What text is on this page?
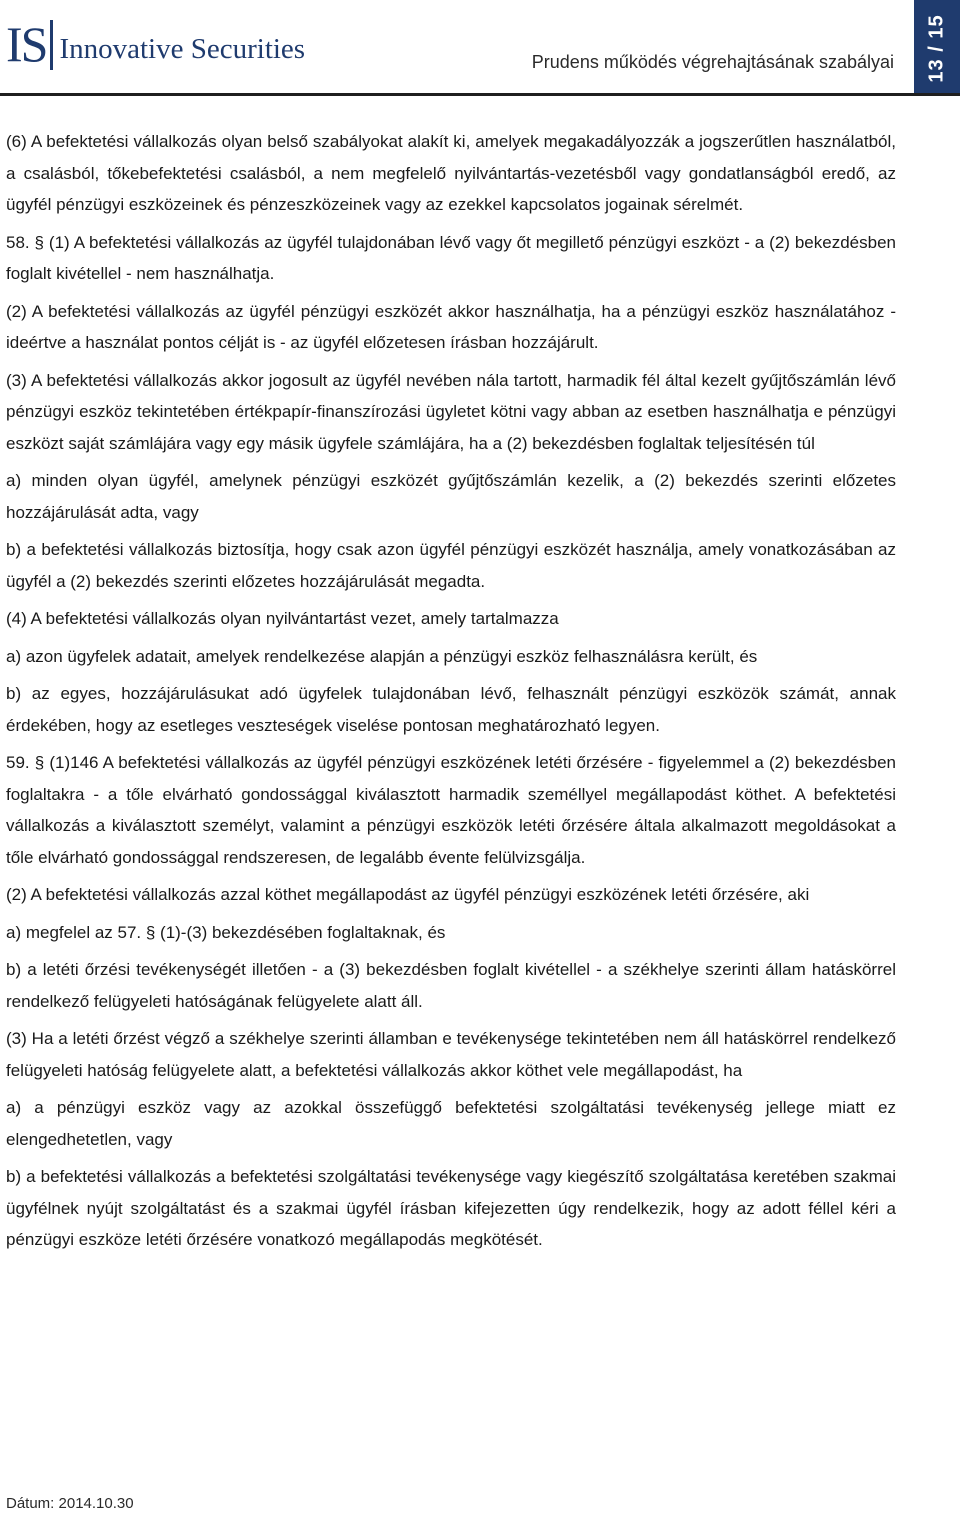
IS Innovative Securities	Prudens működés végrehajtásának szabályai 13 / 15

(6) A befektetési vállalkozás olyan belső szabályokat alakít ki, amelyek megakadályozzák a jogszerűtlen használatból, a csalásból, tőkebefektetési csalásból, a nem megfelelő nyilvántartás-vezetésből vagy gondatlanságból eredő, az ügyfél pénzügyi eszközeinek és pénzeszközeinek vagy az ezekkel kapcsolatos jogainak sérelmét.

58. § (1) A befektetési vállalkozás az ügyfél tulajdonában lévő vagy őt megillető pénzügyi eszközt - a (2) bekezdésben foglalt kivétellel - nem használhatja.

(2) A befektetési vállalkozás az ügyfél pénzügyi eszközét akkor használhatja, ha a pénzügyi eszköz használatához - ideértve a használat pontos célját is - az ügyfél előzetesen írásban hozzájárult.

(3) A befektetési vállalkozás akkor jogosult az ügyfél nevében nála tartott, harmadik fél által kezelt gyűjtőszámlán lévő pénzügyi eszköz tekintetében értékpapír-finanszírozási ügyletet kötni vagy abban az esetben használhatja e pénzügyi eszközt saját számlájára vagy egy másik ügyfele számlájára, ha a (2) bekezdésben foglaltak teljesítésén túl

a) minden olyan ügyfél, amelynek pénzügyi eszközét gyűjtőszámlán kezelik, a (2) bekezdés szerinti előzetes hozzájárulását adta, vagy

b) a befektetési vállalkozás biztosítja, hogy csak azon ügyfél pénzügyi eszközét használja, amely vonatkozásában az ügyfél a (2) bekezdés szerinti előzetes hozzájárulását megadta.

(4) A befektetési vállalkozás olyan nyilvántartást vezet, amely tartalmazza

a) azon ügyfelek adatait, amelyek rendelkezése alapján a pénzügyi eszköz felhasználásra került, és

b) az egyes, hozzájárulásukat adó ügyfelek tulajdonában lévő, felhasznált pénzügyi eszközök számát, annak érdekében, hogy az esetleges veszteségek viselése pontosan meghatározható legyen.

59. § (1)146 A befektetési vállalkozás az ügyfél pénzügyi eszközének letéti őrzésére - figyelemmel a (2) bekezdésben foglaltakra - a tőle elvárható gondossággal kiválasztott harmadik személlyel megállapodást köthet. A befektetési vállalkozás a kiválasztott személyt, valamint a pénzügyi eszközök letéti őrzésére általa alkalmazott megoldásokat a tőle elvárható gondossággal rendszeresen, de legalább évente felülvizsgálja.

(2) A befektetési vállalkozás azzal köthet megállapodást az ügyfél pénzügyi eszközének letéti őrzésére, aki

a) megfelel az 57. § (1)-(3) bekezdésében foglaltaknak, és

b) a letéti őrzési tevékenységét illetően - a (3) bekezdésben foglalt kivétellel - a székhelye szerinti állam hatáskörrel rendelkező felügyeleti hatóságának felügyelete alatt áll.

(3) Ha a letéti őrzést végző a székhelye szerinti államban e tevékenysége tekintetében nem áll hatáskörrel rendelkező felügyeleti hatóság felügyelete alatt, a befektetési vállalkozás akkor köthet vele megállapodást, ha

a) a pénzügyi eszköz vagy az azokkal összefüggő befektetési szolgáltatási tevékenység jellege miatt ez elengedhetetlen, vagy

b) a befektetési vállalkozás a befektetési szolgáltatási tevékenysége vagy kiegészítő szolgáltatása keretében szakmai ügyfélnek nyújt szolgáltatást és a szakmai ügyfél írásban kifejezetten úgy rendelkezik, hogy az adott féllel kéri a pénzügyi eszköze letéti őrzésére vonatkozó megállapodás megkötését.

Dátum: 2014.10.30
